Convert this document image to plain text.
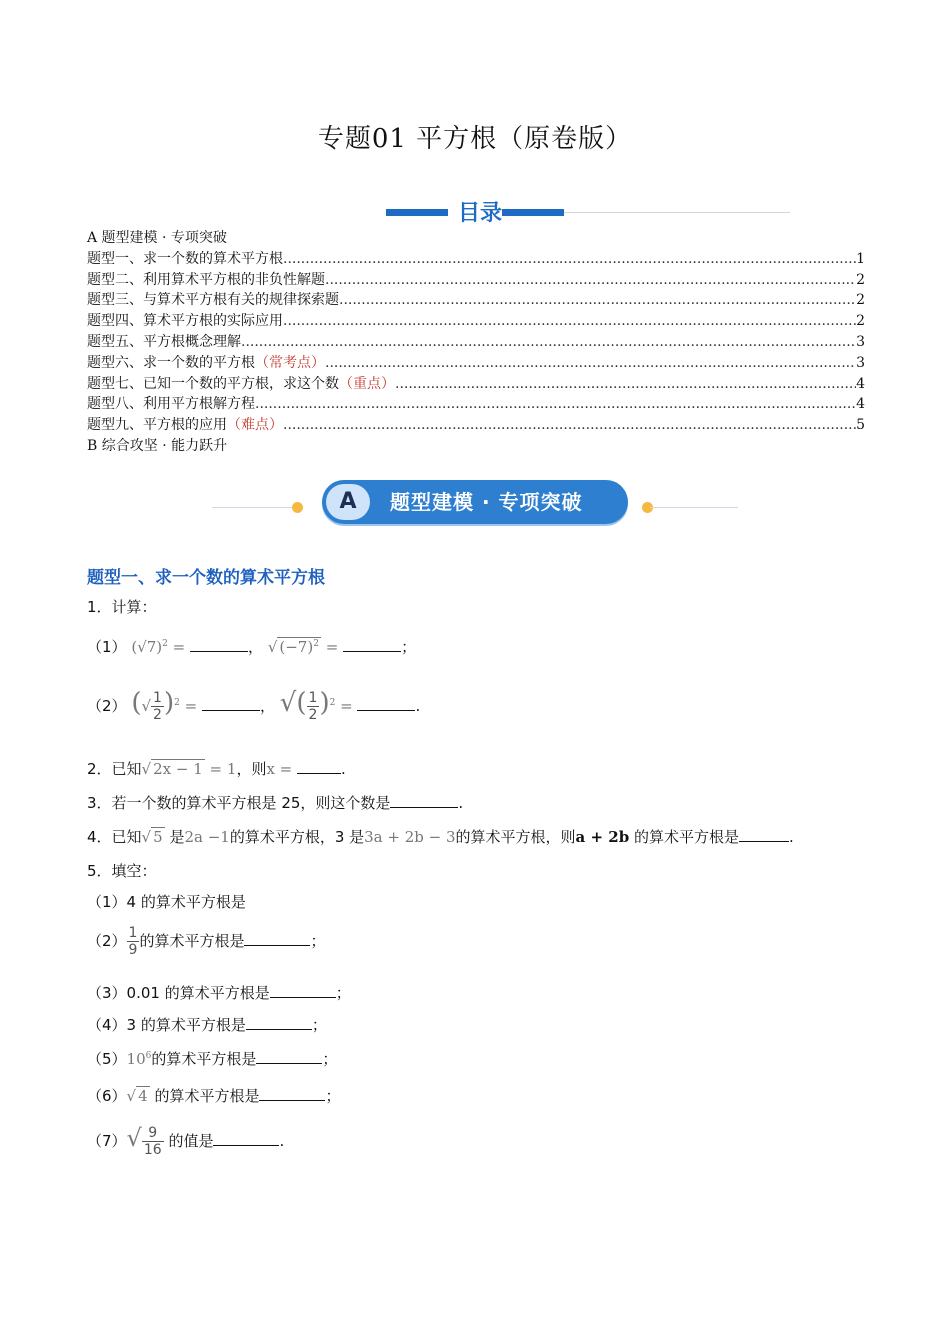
专题01 平方根（原卷版）
目录
A 题型建模 · 专项突破
题型一、求一个数的算术平方根 .....	1
题型二、利用算术平方根的非负性解题 .....	2
题型三、与算术平方根有关的规律探索题 .....	2
题型四、算术平方根的实际应用 .....	2
题型五、平方根概念理解 .....	3
题型六、求一个数的平方根 （常考点） .....	3
题型七、已知一个数的平方根，求这个数 （重点） .....	4
题型八、利用平方根解方程 .....	4
题型九、平方根的应用 （难点） .....	5
B 综合攻坚 · 能力跃升
A	题型建模 · 专项突破
题型一、求一个数的算术平方根
1．计算：
（1） $(√7)^2$ =	， √ $(-7)^2$ =	；
（2） (√ $\frac{1}{2} )^2$ =	， √( $\frac{1}{2} )^2$ =	.
2．已知√ 2x − 1 = 1，则x =	.
3．若一个数的算术平方根是 25，则这个数是	.
4．已知√ 5 是2a −1的算术平方根，3 是3a + 2b − 3的算术平方根，则a + 2b 的算术平方根是	.
5．填空：
（1）4 的算术平方根是
$(2) \frac{1}{9}$ 的算术平方根是	；
（3）0.01 的算术平方根是	；
（4）3 的算术平方根是	；
$(5)10^6$的算术平方根是	；
（6）√ 4 的算术平方根是	；
$(7)√ \frac{9}{16}$ 的值是	.
